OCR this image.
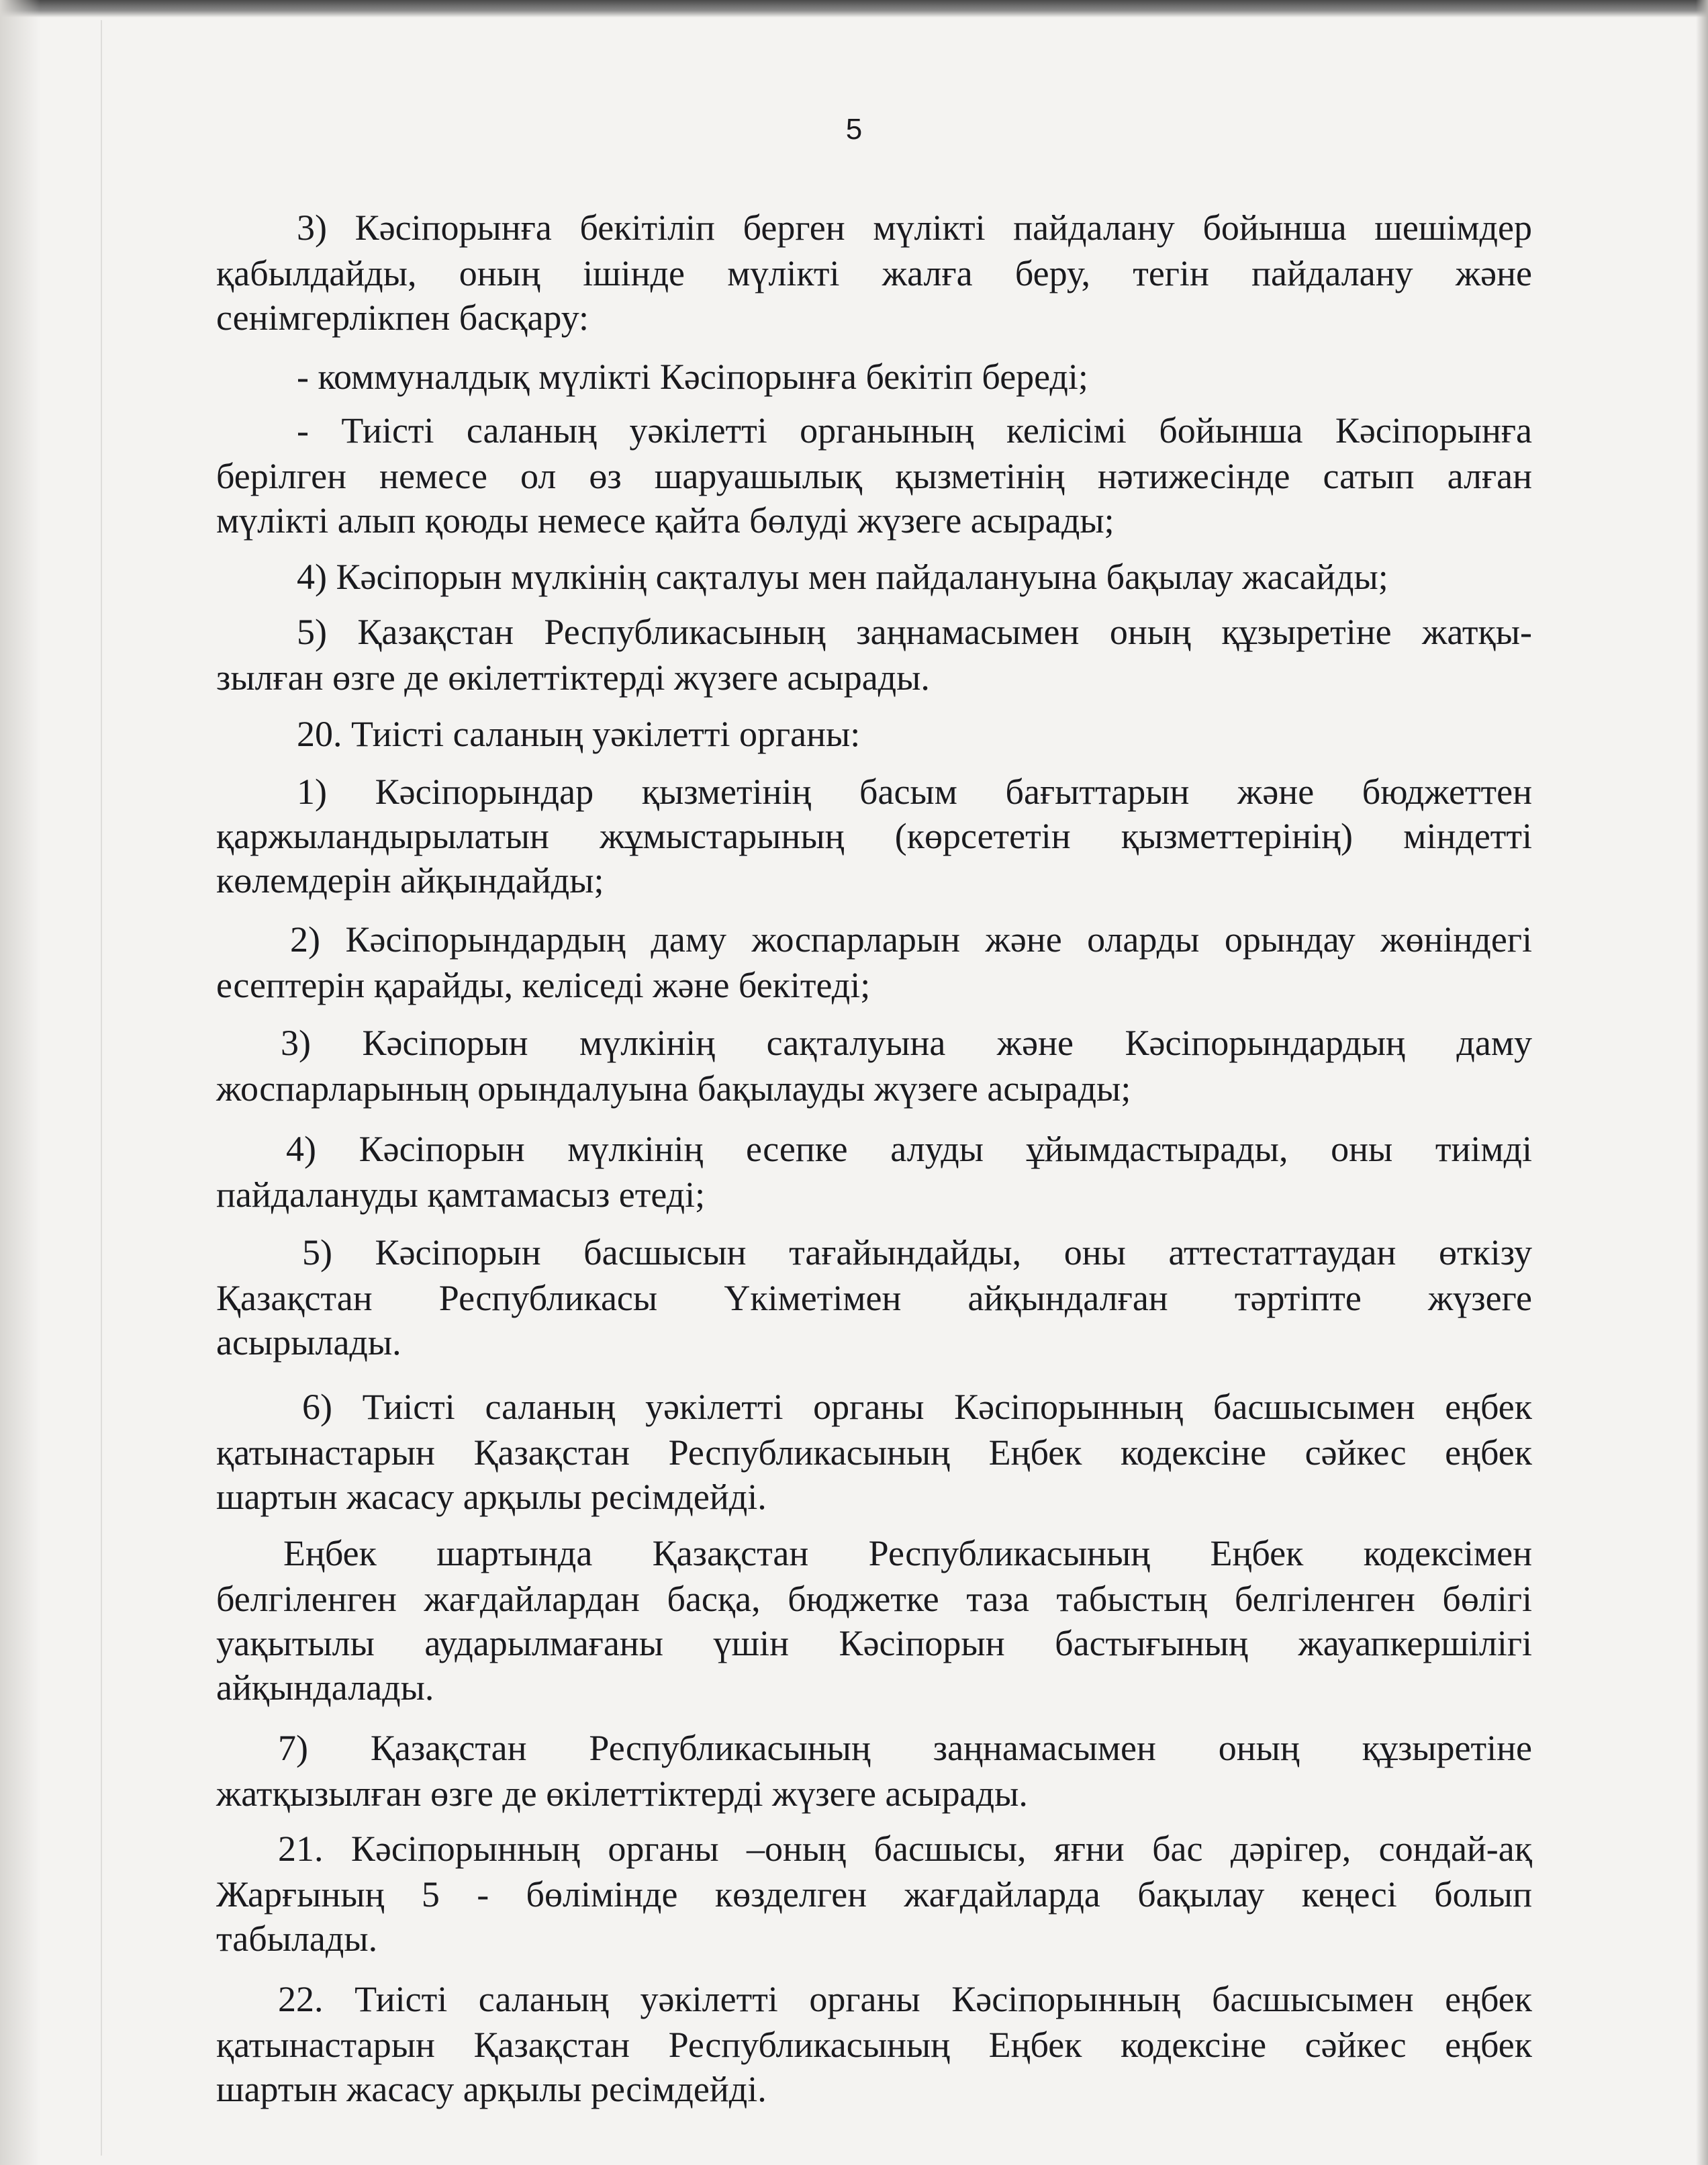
5
3) Кәсіпорынға бекітіліп берген мүлікті пайдалану бойынша шешімдер
қабылдайды, оның ішінде мүлікті жалға беру, тегін пайдалану және
сенімгерлікпен басқару:
- коммуналдық мүлікті Кәсіпорынға бекітіп береді;
- Тиісті саланың уәкілетті органының келісімі бойынша Кәсіпорынға
берілген немесе ол өз шаруашылық қызметінің нәтижесінде сатып алған
мүлікті алып қоюды немесе қайта бөлуді жүзеге асырады;
4) Кәсіпорын мүлкінің сақталуы мен пайдалануына бақылау жасайды;
5) Қазақстан Республикасының заңнамасымен оның құзыретіне жатқы-
зылған өзге де өкілеттіктерді жүзеге асырады.
20. Тиісті саланың уәкілетті органы:
1) Кәсіпорындар қызметінің басым бағыттарын және бюджеттен
қаржыландырылатын жұмыстарының (көрсететін қызметтерінің) міндетті
көлемдерін айқындайды;
2) Кәсіпорындардың даму жоспарларын және оларды орындау жөніндегі
есептерін қарайды, келіседі және бекітеді;
3) Кәсіпорын мүлкінің сақталуына және Кәсіпорындардың даму
жоспарларының орындалуына бақылауды жүзеге асырады;
4) Кәсіпорын мүлкінің есепке алуды ұйымдастырады, оны тиімді
пайдалануды қамтамасыз етеді;
5) Кәсіпорын басшысын тағайындайды, оны аттестаттаудан өткізу
Қазақстан Республикасы Үкіметімен айқындалған тәртіпте жүзеге
асырылады.
6) Тиісті саланың уәкілетті органы Кәсіпорынның басшысымен еңбек
қатынастарын Қазақстан Республикасының Еңбек кодексіне сәйкес еңбек
шартын жасасу арқылы ресімдейді.
Еңбек шартында Қазақстан Республикасының Еңбек кодексімен
белгіленген жағдайлардан басқа, бюджетке таза табыстың белгіленген бөлігі
уақытылы аударылмағаны үшін Кәсіпорын бастығының жауапкершілігі
айқындалады.
7) Қазақстан Республикасының заңнамасымен оның құзыретіне
жатқызылған өзге де өкілеттіктерді жүзеге асырады.
21. Кәсіпорынның органы –оның басшысы, яғни бас дәрігер, сондай-ақ
Жарғының 5 - бөлімінде көзделген жағдайларда бақылау кеңесі болып
табылады.
22. Тиісті саланың уәкілетті органы Кәсіпорынның басшысымен еңбек
қатынастарын Қазақстан Республикасының Еңбек кодексіне сәйкес еңбек
шартын жасасу арқылы ресімдейді.
